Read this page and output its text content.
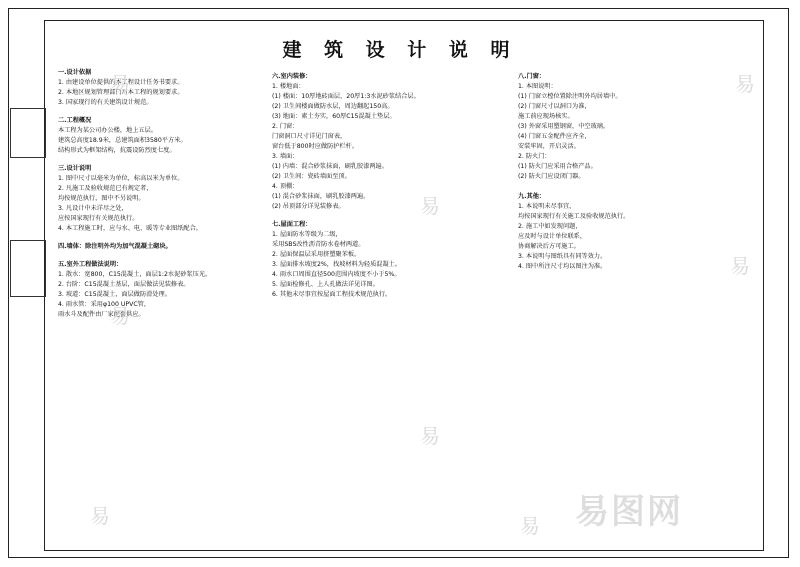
建 筑 设 计 说 明

一.设计依据

1. 由建设单位提供的本工程设计任务书要求。

2. 本地区规划管理部门对本工程的规划要求。

3. 国家现行的有关建筑设计规范。

二.工程概况

本工程为某公司办公楼，地上五层。

建筑总高度18.9米，总建筑面积3580平方米。

结构形式为框架结构，抗震设防烈度七度。

三.设计说明

1. 图中尺寸以毫米为单位，标高以米为单位。

2. 凡施工及验收规范已有规定者，

均按规范执行，图中不另说明。

3. 凡设计中未详尽之处，

应按国家现行有关规范执行。

4. 本工程施工时，应与水、电、暖等专业图纸配合。

四.墙体：除注明外均为加气混凝土砌块。

五.室外工程做法说明：

1. 散水：宽800，C15混凝土，面层1:2水泥砂浆压光。

2. 台阶：C15混凝土基层，面层做法见装修表。

3. 坡道：C15混凝土，面层做防滑处理。

4. 雨水管：采用φ100 UPVC管，

雨水斗及配件由厂家配套供应。

六.室内装修：

1. 楼地面：

(1) 楼面：10厚地砖面层，20厚1:3水泥砂浆结合层。

(2) 卫生间楼面做防水层，周边翻起150高。

(3) 地面：素土夯实，60厚C15混凝土垫层。

2. 门窗：

门窗洞口尺寸详见门窗表，

窗台低于800时应做防护栏杆。

3. 墙面：

(1) 内墙：混合砂浆抹面，刷乳胶漆两遍。

(2) 卫生间：瓷砖墙面至顶。

4. 顶棚：

(1) 混合砂浆抹面，刷乳胶漆两遍。

(2) 吊顶部分详见装修表。

七.屋面工程：

1. 屋面防水等级为二级，

采用SBS改性沥青防水卷材两道。

2. 屋面保温层采用挤塑聚苯板。

3. 屋面排水坡度2%，找坡材料为轻质混凝土。

4. 雨水口周围直径500范围内坡度不小于5%。

5. 屋面检修孔、上人孔做法详见详图。

6. 其他未尽事宜按屋面工程技术规范执行。

八.门窗：

1. 本图说明：

(1) 门窗立樘位置除注明外均居墙中。

(2) 门窗尺寸以洞口为准，

施工前应现场核实。

(3) 外窗采用塑钢窗，中空玻璃。

(4) 门窗五金配件应齐全，

安装牢固，开启灵活。

2. 防火门：

(1) 防火门应采用合格产品。

(2) 防火门应设闭门器。

九.其他：

1. 本说明未尽事宜，

均按国家现行有关施工及验收规范执行。

2. 施工中如发现问题，

应及时与设计单位联系，

协商解决后方可施工。

3. 本说明与图纸具有同等效力。

4. 图中所注尺寸均以图注为准。

易	易
易
易
易
易
易	易 易图网
